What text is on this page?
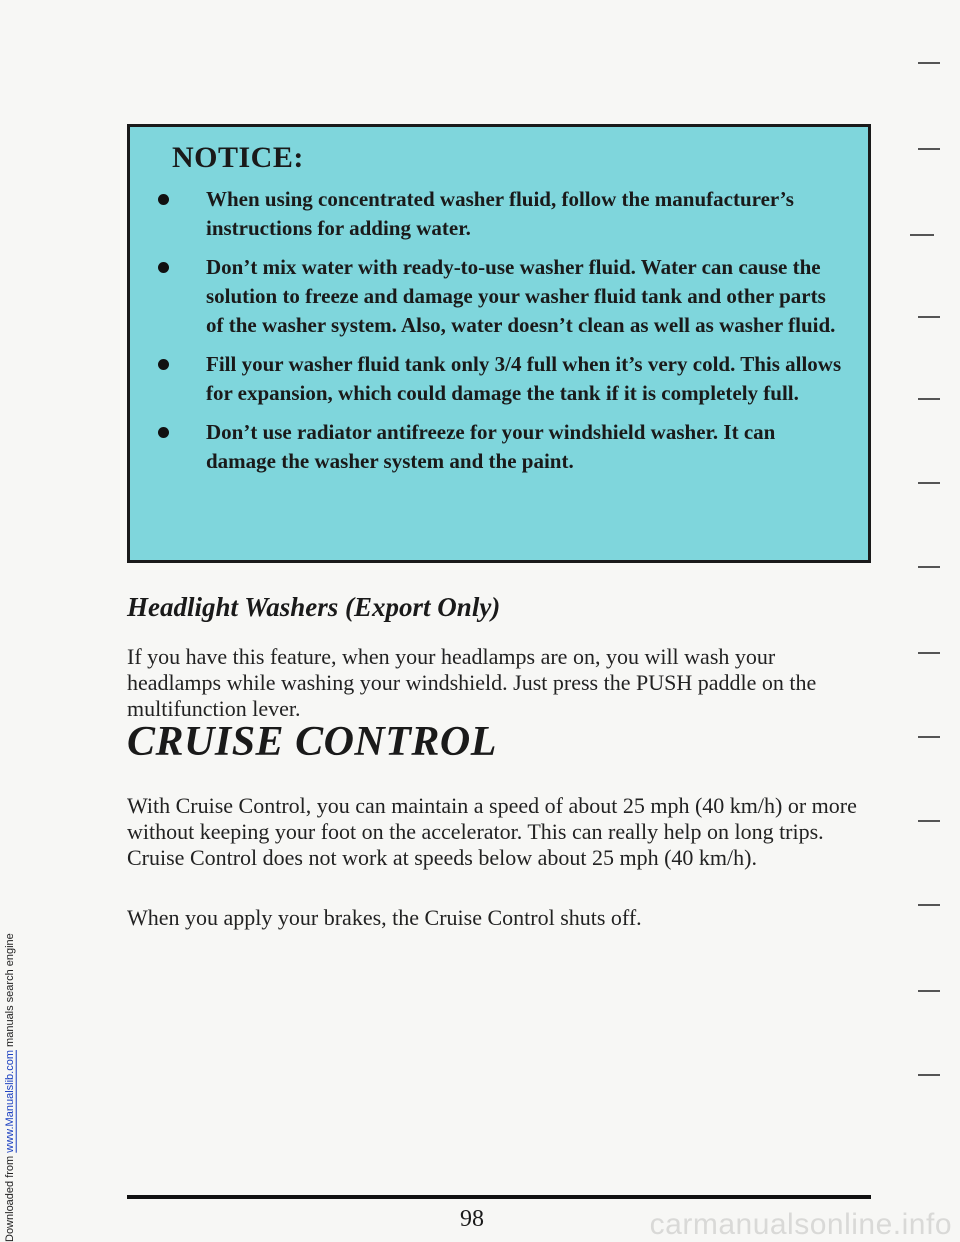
Downloaded from www.Manualslib.com manuals search engine
NOTICE:
When using concentrated washer fluid, follow the manufacturer’s instructions for adding water.
Don’t mix water with ready-to-use washer fluid. Water can cause the solution to freeze and damage your washer fluid tank and other parts of the washer system. Also, water doesn’t clean as well as washer fluid.
Fill your washer fluid tank only 3/4 full when it’s very cold. This allows for expansion, which could damage the tank if it is completely full.
Don’t use radiator antifreeze for your windshield washer. It can damage the washer system and the paint.
Headlight Washers (Export Only)

If you have this feature, when your headlamps are on, you will wash your headlamps while washing your windshield. Just press the PUSH paddle on the multifunction lever.

CRUISE CONTROL

With Cruise Control, you can maintain a speed of about 25 mph (40 km/h) or more without keeping your foot on the accelerator. This can really help on long trips. Cruise Control does not work at speeds below about 25 mph (40 km/h).

When you apply your brakes, the Cruise Control shuts off.

98	carmanualsonline.info
